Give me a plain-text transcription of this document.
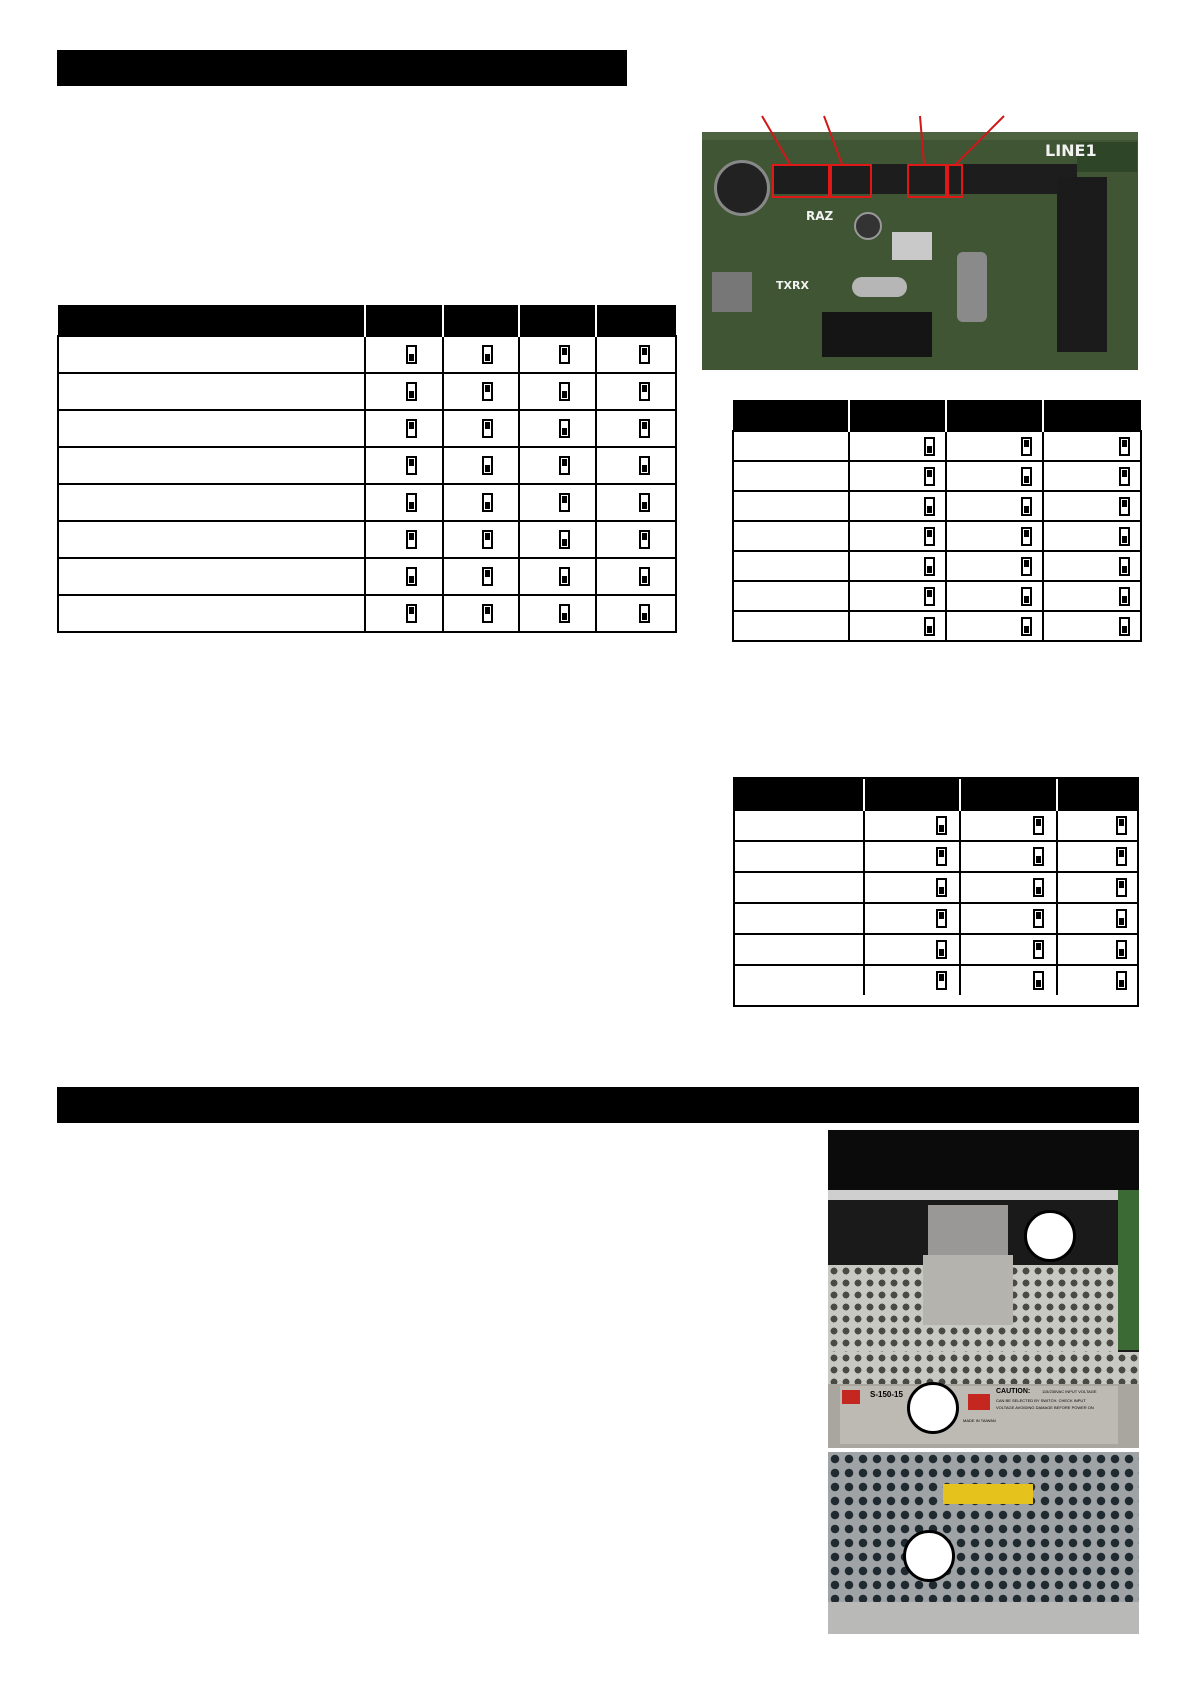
LINE1
RAZ
TXRX

S-150-15	CAUTION:	115/230VAC INPUT VOLTAGE
CAN BE SELECTED BY SWITCH. CHECK INPUT
VOLTAGE AVOIDING DAMAGE BEFORE POWER ON
MADE IN TAIWAN
